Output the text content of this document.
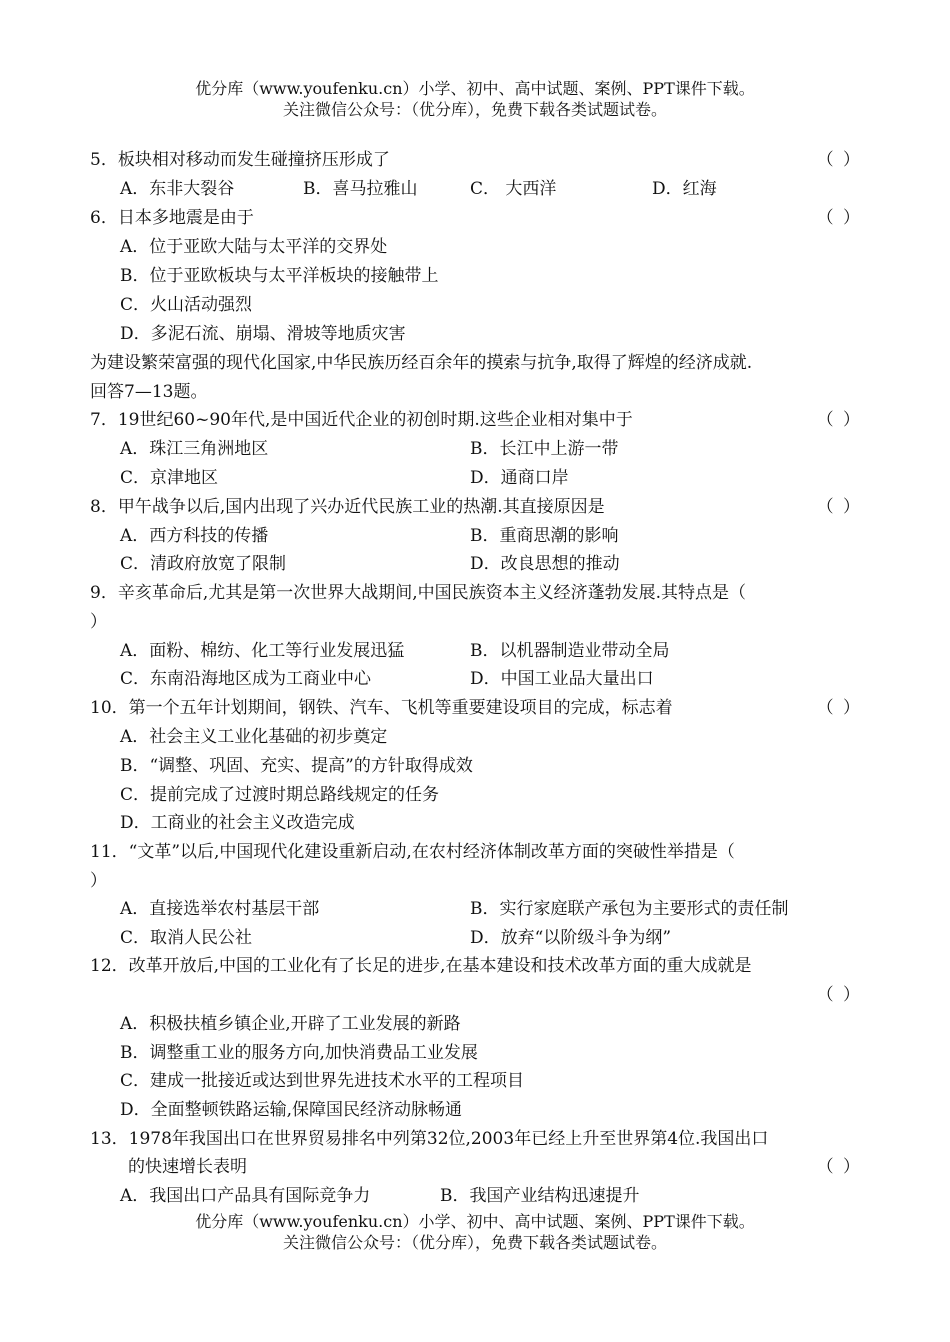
优分库（www.youfenku.cn）小学、初中、高中试题、案例、PPT课件下载。
关注微信公众号：（优分库），免费下载各类试题试卷。
5．板块相对移动而发生碰撞挤压形成了	（ ）
A．东非大裂谷	B．喜马拉雅山	C． 大西洋	D．红海
6．日本多地震是由于	（ ）
A．位于亚欧大陆与太平洋的交界处
B．位于亚欧板块与太平洋板块的接触带上
C．火山活动强烈
D．多泥石流、崩塌、滑坡等地质灾害
为建设繁荣富强的现代化国家,中华民族历经百余年的摸索与抗争,取得了辉煌的经济成就.
回答7—13题。
7．19世纪60~90年代,是中国近代企业的初创时期.这些企业相对集中于	（ ）
A．珠江三角洲地区	B．长江中上游一带
C．京津地区	D．通商口岸
8．甲午战争以后,国内出现了兴办近代民族工业的热潮.其直接原因是	（ ）
A．西方科技的传播	B．重商思潮的影响
C．清政府放宽了限制	D．改良思想的推动
9．辛亥革命后,尤其是第一次世界大战期间,中国民族资本主义经济蓬勃发展.其特点是（
）
A．面粉、棉纺、化工等行业发展迅猛	B．以机器制造业带动全局
C．东南沿海地区成为工商业中心	D．中国工业品大量出口
10．第一个五年计划期间，钢铁、汽车、飞机等重要建设项目的完成，标志着	（ ）
A．社会主义工业化基础的初步奠定
B．“调整、巩固、充实、提高”的方针取得成效
C．提前完成了过渡时期总路线规定的任务
D．工商业的社会主义改造完成
11．“文革”以后,中国现代化建设重新启动,在农村经济体制改革方面的突破性举措是（
）
A．直接选举农村基层干部	B．实行家庭联产承包为主要形式的责任制
C．取消人民公社	D．放弃“以阶级斗争为纲”
12．改革开放后,中国的工业化有了长足的进步,在基本建设和技术改革方面的重大成就是
（ ）
A．积极扶植乡镇企业,开辟了工业发展的新路
B．调整重工业的服务方向,加快消费品工业发展
C．建成一批接近或达到世界先进技术水平的工程项目
D．全面整顿铁路运输,保障国民经济动脉畅通
13．1978年我国出口在世界贸易排名中列第32位,2003年已经上升至世界第4位.我国出口
的快速增长表明	（ ）
A．我国出口产品具有国际竞争力	B．我国产业结构迅速提升
优分库（www.youfenku.cn）小学、初中、高中试题、案例、PPT课件下载。
关注微信公众号：（优分库），免费下载各类试题试卷。
